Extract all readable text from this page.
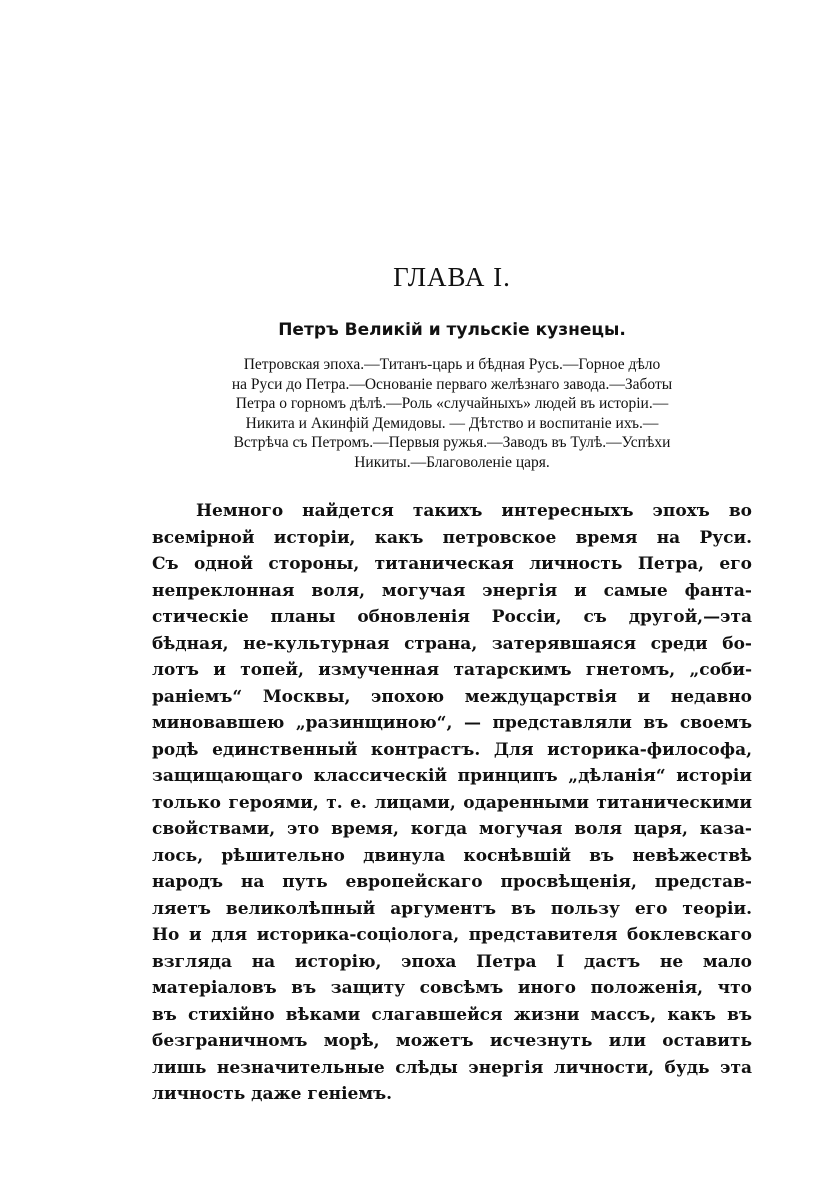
ГЛАВА I.
Петръ Великій и тульскіе кузнецы.
Петровская эпоха.—Титанъ-царь и бѣдная Русь.—Горное дѣло
на Руси до Петра.—Основаніе перваго желѣзнаго завода.—Заботы
Петра о горномъ дѣлѣ.—Роль «случайныхъ» людей въ исторіи.—
Никита и Акинфій Демидовы. — Дѣтство и воспитаніе ихъ.—
Встрѣча съ Петромъ.—Первыя ружья.—Заводъ въ Тулѣ.—Успѣхи
Никиты.—Благоволеніе царя.
Немного найдется такихъ интересныхъ эпохъ во
всемірной исторіи, какъ петровское время на Руси.
Съ одной стороны, титаническая личность Петра, его
непреклонная воля, могучая энергія и самые фанта-
стическіе планы обновленія Россіи, съ другой,—эта
бѣдная, не-культурная страна, затерявшаяся среди бо-
лотъ и топей, измученная татарскимъ гнетомъ, „соби-
раніемъ“ Москвы, эпохою междуцарствія и недавно
миновавшею „разинщиною“, — представляли въ своемъ
родѣ единственный контрастъ. Для историка-философа,
защищающаго классическій принципъ „дѣланія“ исторіи
только героями, т. е. лицами, одаренными титаническими
свойствами, это время, когда могучая воля царя, каза-
лось, рѣшительно двинула коснѣвшій въ невѣжествѣ
народъ на путь европейскаго просвѣщенія, представ-
ляетъ великолѣпный аргументъ въ пользу его теоріи.
Но и для историка-соціолога, представителя боклевскаго
взгляда на исторію, эпоха Петра I дастъ не мало
матеріаловъ въ защиту совсѣмъ иного положенія, что
въ стихійно вѣками слагавшейся жизни массъ, какъ въ
безграничномъ морѣ, можетъ исчезнуть или оставить
лишь незначительные слѣды энергія личности, будь эта
личность даже геніемъ.
